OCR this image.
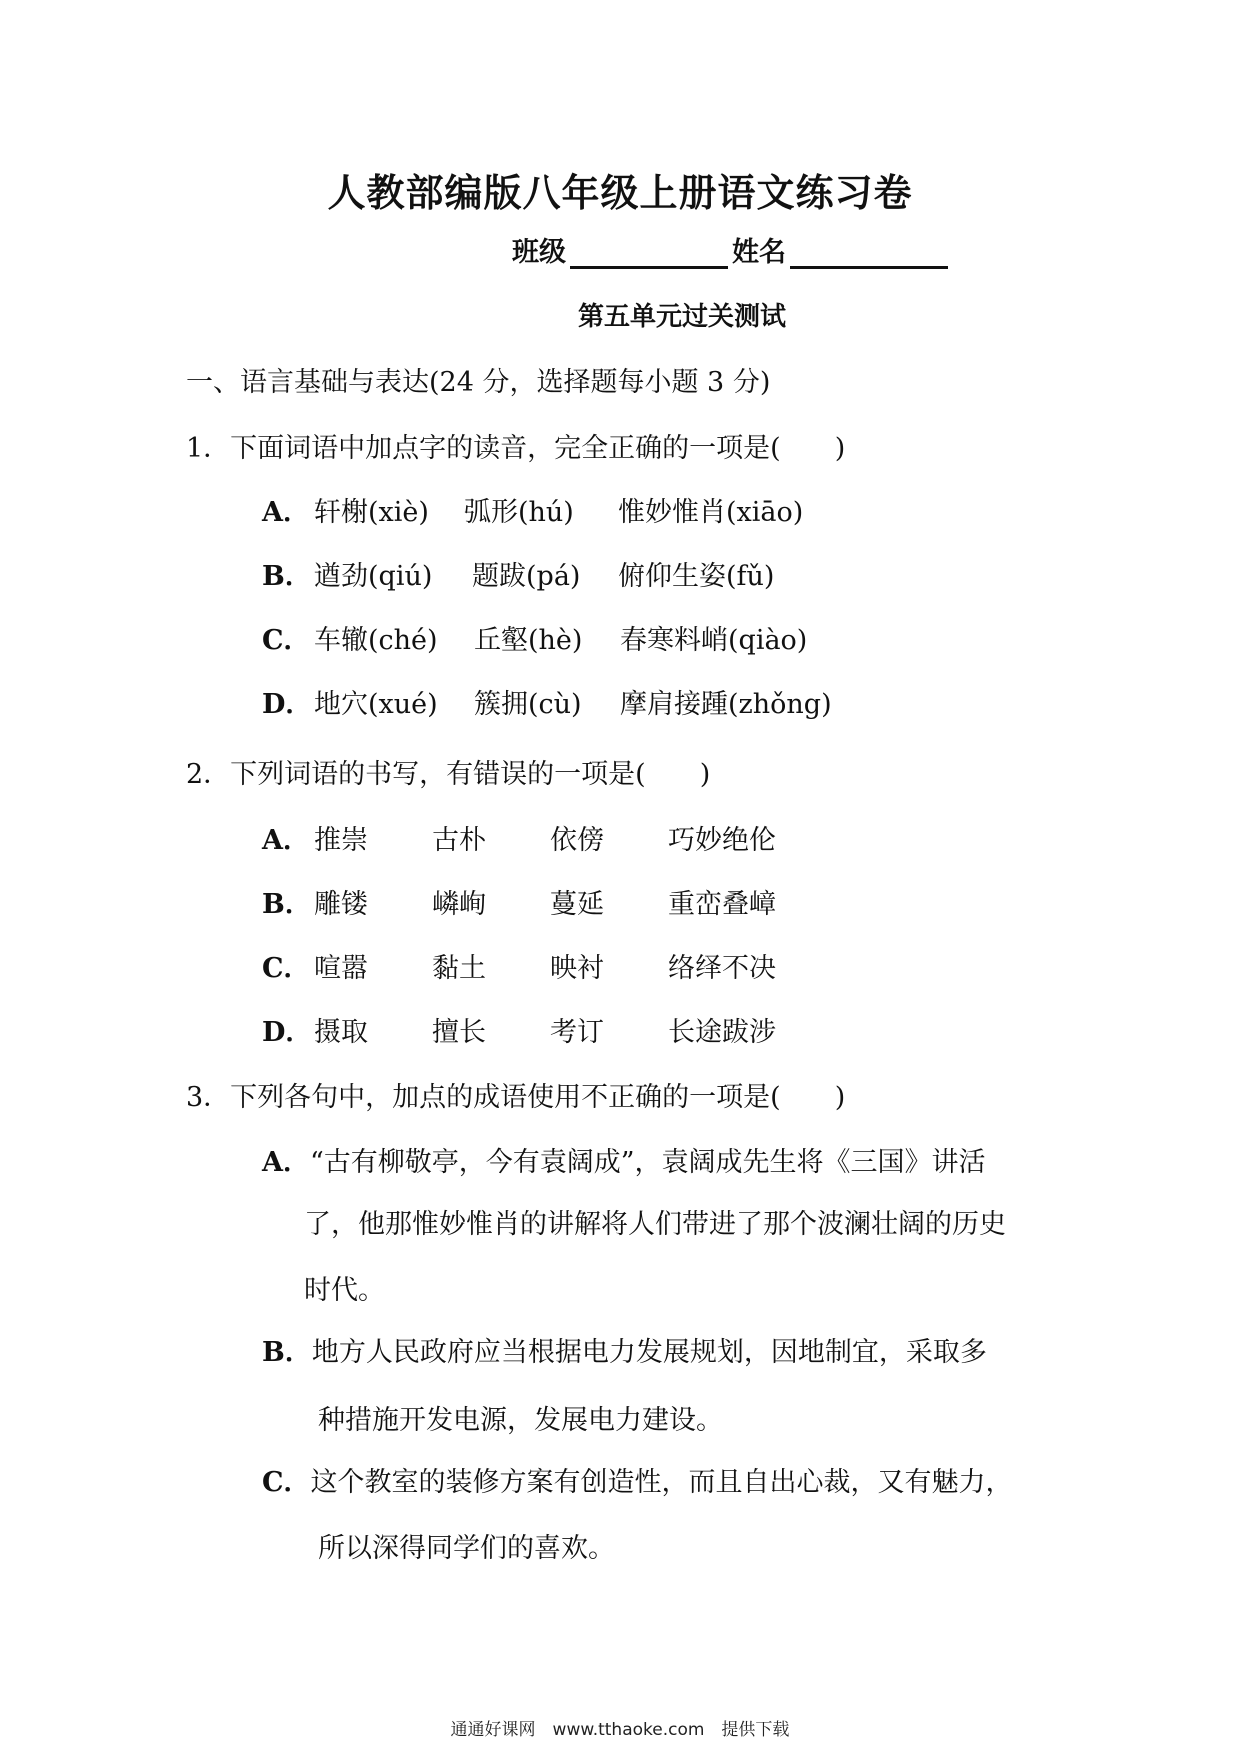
人教部编版八年级上册语文练习卷
班级	姓名
第五单元过关测试
一、语言基础与表达(24 分，选择题每小题 3 分)
1．下面词语中加点字的读音，完全正确的一项是(　　)
A． 轩榭(xiè)	弧形(hú)	惟妙惟肖(xiāo)
B． 遒劲(qiú)	题跋(pá)	俯仰生姿(fǔ)
C． 车辙(ché)	丘壑(hè)	春寒料峭(qiào)
D． 地穴(xué)	簇拥(cù)	摩肩接踵(zhǒng)
2．下列词语的书写，有错误的一项是(　　)
A． 推崇	古朴	依傍	巧妙绝伦
B． 雕镂	嶙峋	蔓延	重峦叠嶂
C． 喧嚣	黏土	映衬	络绎不决
D． 摄取	擅长	考订	长途跋涉
3．下列各句中，加点的成语使用不正确的一项是(　　)
A．“古有柳敬亭，今有袁阔成”，袁阔成先生将《三国》讲活
了，他那惟妙惟肖的讲解将人们带进了那个波澜壮阔的历史
时代。
B．地方人民政府应当根据电力发展规划，因地制宜，采取多
种措施开发电源，发展电力建设。
C．这个教室的装修方案有创造性，而且自出心裁，又有魅力，
所以深得同学们的喜欢。
通通好课网　www.tthaoke.com　提供下载
